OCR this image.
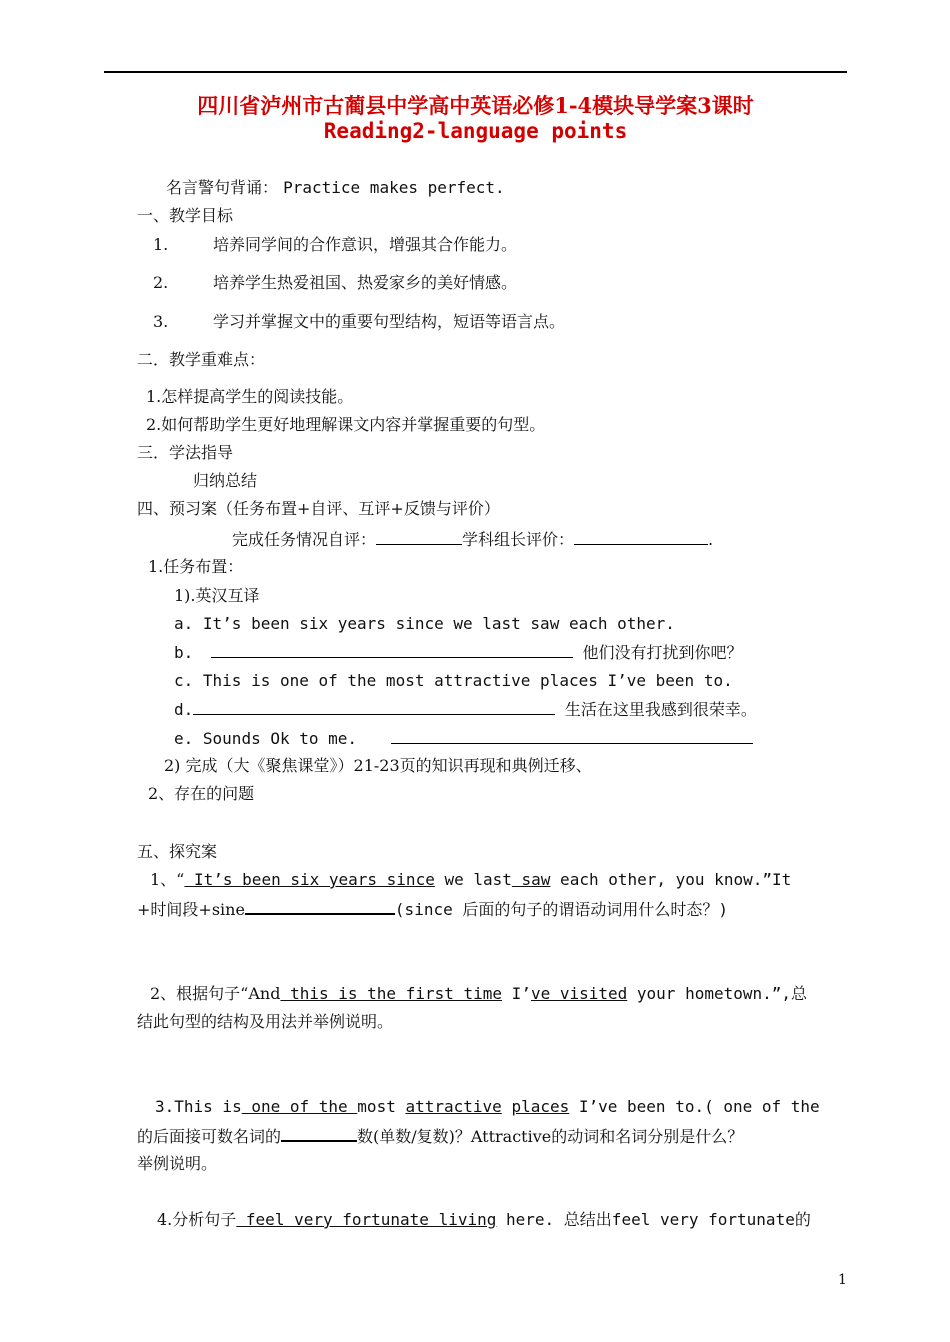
四川省泸州市古蔺县中学高中英语必修1-4模块导学案3课时
Reading2-language points
名言警句背诵： Practice makes perfect.
一、教学目标
1.	培养同学间的合作意识，增强其合作能力。
2.	培养学生热爱祖国、热爱家乡的美好情感。
3.	学习并掌握文中的重要句型结构，短语等语言点。
二．教学重难点：
1.怎样提高学生的阅读技能。
2.如何帮助学生更好地理解课文内容并掌握重要的句型。
三．学法指导
归纳总结
四、预习案（任务布置+自评、互评+反馈与评价）
完成任务情况自评：	学科组长评价：	.
1.任务布置：
1).英汉互译
a. It’s been six years since we last saw each other.
b.	他们没有打扰到你吧？
c. This is one of the most attractive places I’ve been to.
d.	生活在这里我感到很荣幸。
e. Sounds Ok to me.
2) 完成（大《聚焦课堂》）21-23页的知识再现和典例迁移、
2、存在的问题
五、探究案
1、“ It’s been six years since we last saw each other, you know.”It
+时间段+sine	(since 后面的句子的谓语动词用什么时态？)
2、根据句子“And this is the first time I’ve visited your hometown.”,总
结此句型的结构及用法并举例说明。
3.This is one of the most attractive places I’ve been to.( one of the
的后面接可数名词的	数(单数/复数)？Attractive的动词和名词分别是什么？
举例说明。
4.分析句子 feel very fortunate living here. 总结出feel very fortunate的
1
